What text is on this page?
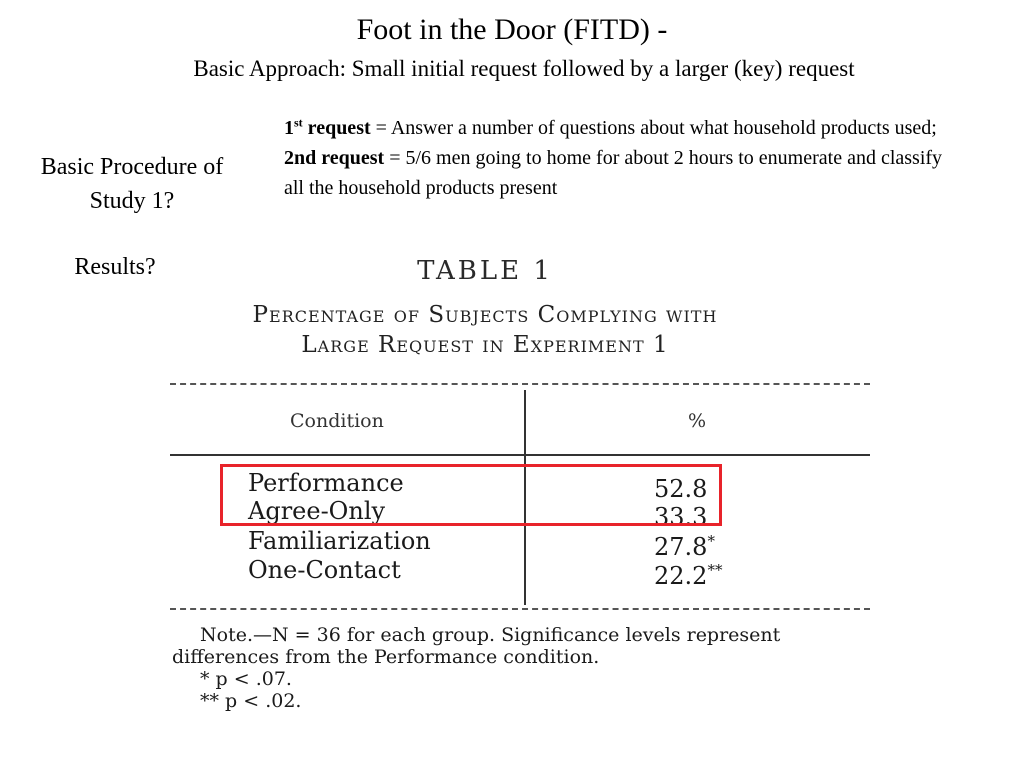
Foot in the Door (FITD) -
Basic Approach: Small initial request followed by a larger (key) request
Basic Procedure of Study 1?
Results?
1st request = Answer a number of questions about what household products used;
2nd request = 5/6 men going to home for about 2 hours to enumerate and classify all the household products present
TABLE 1
Percentage of Subjects Complying with
Large Request in Experiment 1
Condition	%
Performance	52.8
Agree-Only	33.3
Familiarization	27.8*
One-Contact	22.2**
Note.—N = 36 for each group. Significance levels represent
differences from the Performance condition.
* p < .07.
** p < .02.
